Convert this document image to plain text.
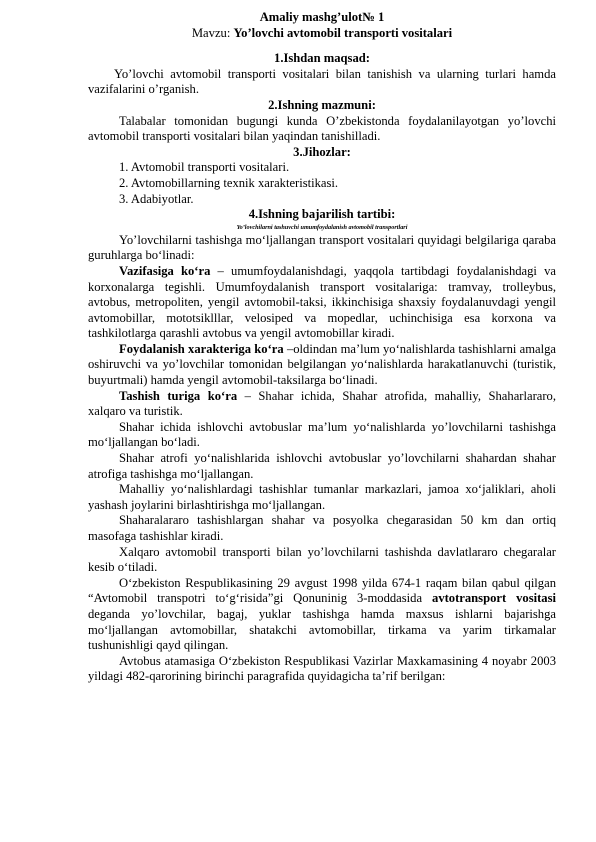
Amaliy mashg’ulot№ 1

Mavzu: Yo’lovchi avtomobil transporti vositalari

1.Ishdan maqsad:

Yo’lovchi avtomobil transporti vositalari bilan tanishish va ularning turlari hamda vazifalarini o’rganish.

2.Ishning mazmuni:

Talabalar tomonidan bugungi kunda O’zbekistonda foydalanilayotgan yo’lovchi avtomobil transporti vositalari bilan yaqindan tanishilladi.

3.Jihozlar:

1. Avtomobil transporti vositalari.
2. Avtomobillarning texnik xarakteristikasi.
3. Adabiyotlar.

4.Ishning bajarilish tartibi:

Yo’lovchilarni tashuvchi umumfoydalanish avtomobil transportlari

Yo’lovchilarni tashishga mo‘ljallangan transport vositalari quyidagi belgilariga qaraba guruhlarga bo‘linadi:

Vazifasiga ko‘ra – umumfoydalanishdagi, yaqqola tartibdagi foydalanishdagi va korxonalarga tegishli. Umumfoydalanish transport vositalariga: tramvay, trolleybus, avtobus, metropoliten, yengil avtomobil-taksi, ikkinchisiga shaxsiy foydalanuvdagi yengil avtomobillar, mototsiklllar, velosiped va mopedlar, uchinchisiga esa korxona va tashkilotlarga qarashli avtobus va yengil avtomobillar kiradi.

Foydalanish xarakteriga ko‘ra –oldindan ma’lum yo‘nalishlarda tashishlarni amalga oshiruvchi va yo’lovchilar tomonidan belgilangan yo‘nalishlarda harakatlanuvchi (turistik, buyurtmali) hamda yengil avtomobil-taksilarga bo‘linadi.

Tashish turiga ko‘ra – Shahar ichida, Shahar atrofida, mahalliy, Shaharlararo, xalqaro va turistik.

Shahar ichida ishlovchi avtobuslar ma’lum yo‘nalishlarda yo’lovchilarni tashishga mo‘ljallangan bo‘ladi.

Shahar atrofi yo‘nalishlarida ishlovchi avtobuslar yo’lovchilarni shahardan shahar atrofiga tashishga mo‘ljallangan.

Mahalliy yo‘nalishlardagi tashishlar tumanlar markazlari, jamoa xo‘jaliklari, aholi yashash joylarini birlashtirishga mo‘ljallangan.

Shaharalararo tashishlargan shahar va posyolka chegarasidan 50 km dan ortiq masofaga tashishlar kiradi.

Xalqaro avtomobil transporti bilan yo’lovchilarni tashishda davlatlararo chegaralar kesib o‘tiladi.

O‘zbekiston Respublikasining 29 avgust 1998 yilda 674-1 raqam bilan qabul qilgan “Avtomobil transpotri to‘g‘risida”gi Qonuninig 3-moddasida avtotransport vositasi deganda yo’lovchilar, bagaj, yuklar tashishga hamda maxsus ishlarni bajarishga mo‘ljallangan avtomobillar, shatakchi avtomobillar, tirkama va yarim tirkamalar tushunishligi qayd qilingan.

Avtobus atamasiga O‘zbekiston Respublikasi Vazirlar Maxkamasining 4 noyabr 2003 yildagi 482-qarorining birinchi paragrafida quyidagicha ta’rif berilgan:
